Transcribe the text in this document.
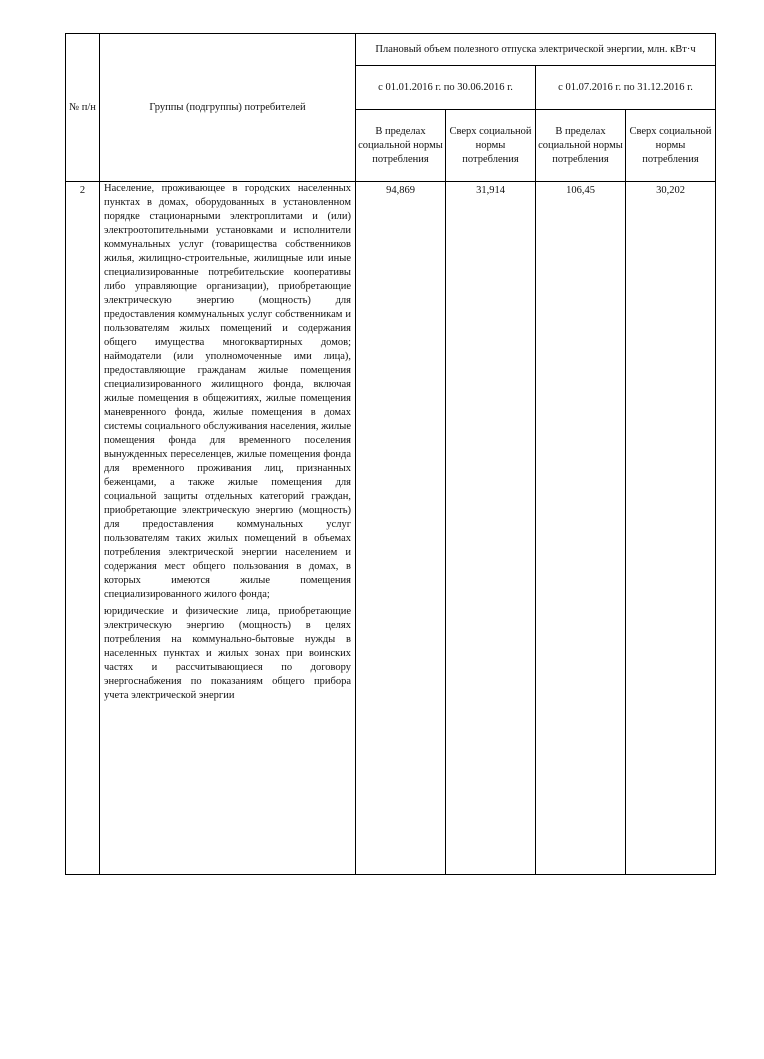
№ п/н	Группы (подгруппы) потребителей	Плановый объем полезного отпуска электрической энергии, млн. кВт·ч			
		с 01.01.2016 г. по 30.06.2016 г.		с 01.07.2016 г. по 31.12.2016 г.	
		В пределах социальной нормы потребления	Сверх социальной нормы потребления	В пределах социальной нормы потребления	Сверх социальной нормы потребления
2	Население, проживающее в городских населенных пунктах в домах, оборудованных в установленном порядке стационарными электроплитами и (или) электроотопительными установками и исполнители коммунальных услуг (товарищества собственников жилья, жилищно-строительные, жилищные или иные специализированные потребительские кооперативы либо управляющие организации), приобретающие электрическую энергию (мощность) для предоставления коммунальных услуг собственникам и пользователям жилых помещений и содержания общего имущества многоквартирных домов; наймодатели (или уполномоченные ими лица), предоставляющие гражданам жилые помещения специализированного жилищного фонда, включая жилые помещения в общежитиях, жилые помещения маневренного фонда, жилые помещения в домах системы социального обслуживания населения, жилые помещения фонда для временного поселения вынужденных переселенцев, жилые помещения фонда для временного проживания лиц, признанных беженцами, а также жилые помещения для социальной защиты отдельных категорий граждан, приобретающие электрическую энергию (мощность) для предоставления коммунальных услуг пользователям таких жилых помещений в объемах потребления электрической энергии населением и содержания мест общего пользования в домах, в которых имеются жилые помещения специализированного жилого фонда;

юридические и физические лица, приобретающие электрическую энергию (мощность) в целях потребления на коммунально-бытовые нужды в населенных пунктах и жилых зонах при воинских частях и рассчитывающиеся по договору энергоснабжения по показаниям общего прибора учета электрической энергии	94,869	31,914	106,45	30,202
